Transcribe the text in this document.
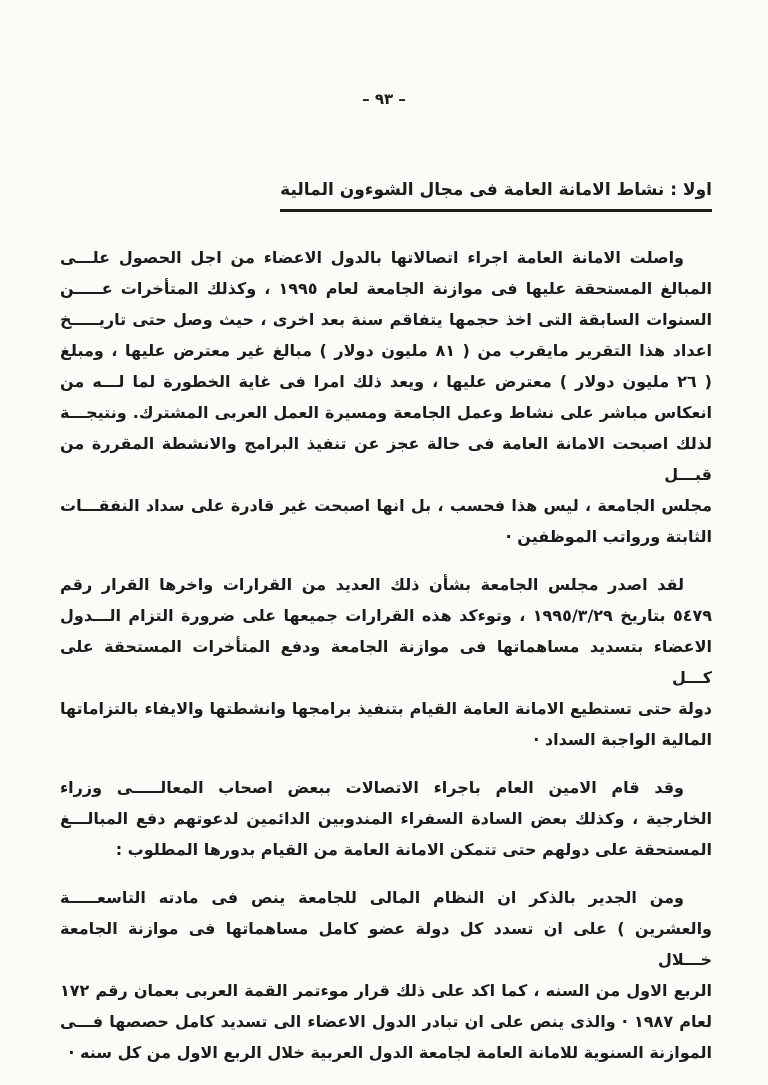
– ٩٣ –
اولا : نشاط الامانة العامة فى مجال الشوءون المالية
واصلت الامانة العامة اجراء اتصالاتها بالدول الاعضاء من اجل الحصول علـــى
المبالغ المستحقة عليها فى موازنة الجامعة لعام ١٩٩٥ ، وكذلك المتأخرات عـــــن
السنوات السابقة التى اخذ حجمها يتفاقم سنة بعد اخرى ، حيث وصل حتى تاريـــــخ
اعداد هذا التقرير مايقرب من ( ٨١ مليون دولار ) مبالغ غير معترض عليها ، ومبلغ
( ٢٦ مليون دولار ) معترض عليها ، ويعد ذلك امرا فى غاية الخطورة لما لـــه من
انعكاس مباشر على نشاط وعمل الجامعة ومسيرة العمل العربى المشترك. ونتيجـــة
لذلك اصبحت الامانة العامة فى حالة عجز عن تنفيذ البرامج والانشطة المقررة من قبـــل
مجلس الجامعة ، ليس هذا فحسب ، بل انها اصبحت غير قادرة على سداد النفقـــات
الثابتة ورواتب الموظفين ·
لقد اصدر مجلس الجامعة بشأن ذلك العديد من القرارات واخرها القرار رقم
٥٤٧٩ بتاريخ ١٩٩٥/٣/٢٩ ، وتوءكد هذه القرارات جميعها على ضرورة التزام الـــدول
الاعضاء بتسديد مساهماتها فى موازنة الجامعة ودفع المتأخرات المستحقة على كـــل
دولة حتى تستطيع الامانة العامة القيام بتنفيذ برامجها وانشطتها والايفاء بالتزاماتها
المالية الواجبة السداد ·
وقد قام الامين العام باجراء الاتصالات ببعض اصحاب المعالـــــى وزراء
الخارجية ، وكذلك بعض السادة السفراء المندوبين الدائمين لدعوتهم دفع المبالـــغ
المستحقة على دولهم حتى تتمكن الامانة العامة من القيام بدورها المطلوب :
ومن الجدير بالذكر ان النظام المالى للجامعة ينص فى مادته التاسعـــــة
والعشرين ) على ان تسدد كل دولة عضو كامل مساهماتها فى موازنة الجامعة خـــلال
الربع الاول من السنه ، كما اكد على ذلك قرار موءتمر القمة العربى بعمان رقم ١٧٢
لعام ١٩٨٧ · والذى ينص على ان تبادر الدول الاعضاء الى تسديد كامل حصصها فـــى
الموازنة السنوية للامانة العامة لجامعة الدول العربية خلال الربع الاول من كل سنه ·
